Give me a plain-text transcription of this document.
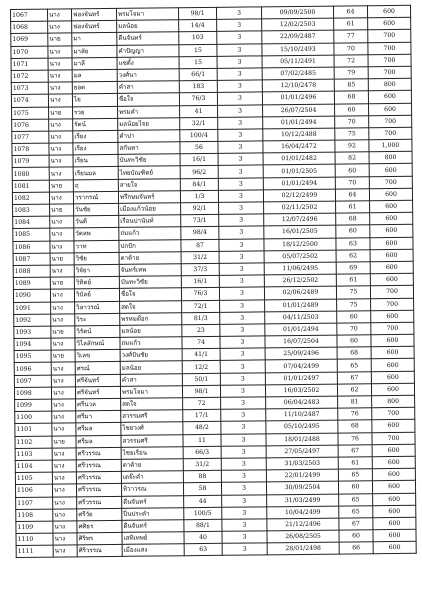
1067	นาง	ฟองจันทร์	พรมโจมา	98/1	3	09/09/2500	64	600
1068	นาง	ฟองจันทร์	มลน้อย	14/4	3	12/02/2503	61	600
1069	นาย	มา	ดีนจันทร์	103	3	22/09/2487	77	700
1070	นาง	มาลัย	คำปัญญา	15	3	15/10/2493	70	700
1071	นาง	มาลี	แซ่ตั้ง	15	3	05/11/2491	72	700
1072	นาง	มล	วงศ์นา	66/1	3	07/02/2485	79	700
1073	นาง	ยอด	คำสา	183	3	12/10/2478	85	800
1074	นาง	ไย	ชื่อใจ	76/3	3	01/01/2496	68	600
1075	นาย	รวย	พรมคำ	41	3	26/07/2504	60	600
1076	นาง	รัตน์	มลน้อยไจย	32/1	3	01/01/2494	70	700
1077	นาง	เรียง	คำปา	100/4	3	10/12/2488	75	700
1078	นาง	เรียง	สกันทา	56	3	16/04/2472	92	1,000
1079	นาง	เรียน	บันทะวิชัย	16/1	3	01/01/2482	82	800
1080	นาง	เรียนมล	ไทยบัณฑิตย์	96/2	3	01/01/2505	60	600
1081	นาย	ฤ	สายใจ	84/1	3	01/01/2494	70	700
1082	นาง	วรากรณ์	พรึกษมจันทร์	1/3	3	02/12/2499	64	600
1083	นาย	วันชัย	เมืองแก้วน้อย	92/1	3	02/11/2502	61	600
1084	นาง	วันดี	เรือนปานันท์	73/1	3	12/07/2496	68	600
1085	นาง	วัดลพ	ถ่มแก้ว	98/4	3	16/01/2505	60	600
1086	นาง	วาท	ปกปัก	87	3	18/12/2500	63	600
1087	นาย	วิชัย	ตาต้าย	31/2	3	05/07/2502	62	600
1088	นาง	วิจัยา	จันทร์เทพ	37/3	3	11/06/2495	69	600
1089	นาย	วิทิตย์	บันทะวิชัย	16/1	3	26/12/2502	61	600
1090	นาง	วิบัลย์	ชื่อใจ	76/3	3	02/06/2489	75	700
1091	นาง	วิลาวรณ์	สดใจ	72/1	3	01/01/2489	75	700
1092	นาง	วิระ	พรหมต๊อก	81/3	3	04/11/2503	60	600
1093	นาย	วิรัตน์	มลน้อย	23	3	01/01/2494	70	700
1094	นาง	วิไลลักษณ์	ถ่มแก้ว	74	3	16/07/2504	60	600
1095	นาย	วิเลข	วงศ์ปันชัย	41/1	3	25/09/2496	68	600
1096	นาง	ศรณ์	มลน้อย	12/2	3	07/04/2499	65	600
1097	นาง	ศรีจันทร์	คำสา	50/1	3	01/01/2497	67	600
1098	นาง	ศรีจันทร์	พรมโจมา	98/1	3	16/03/2502	62	600
1099	นาง	ศรีนวล	สดใจ	72	3	06/04/2483	81	800
1100	นาง	ศรีมา	สวรรมศรี	17/1	3	11/10/2487	76	700
1101	นาง	ศรีมล	ไชยวงศ์	48/2	3	05/10/2495	68	600
1102	นาย	ศรีมล	สวรรมศรี	11	3	18/01/2488	76	700
1103	นาง	ศรีวรรณ	ไชยเรือน	66/3	3	27/05/2497	67	600
1104	นาง	ศรีวรรณ	ตาต้าย	31/2	3	31/03/2503	61	600
1105	นาง	ศรีวรรณ	เตจ๊ะคำ	88	3	22/01/2499	65	600
1106	นาง	ศรีวรรณ	ทิวาวรณ	58	3	30/09/2504	60	600
1107	นาง	ศรีวรรณ	ดีนจันทร์	44	3	31/03/2499	65	600
1108	นาง	ศรีวัย	ปิ่นประคำ	100/5	3	10/04/2499	65	600
1109	นาง	ศศิธร	ดีนจันทร์	88/1	3	21/12/2496	67	600
1110	นาง	ศิริพร	เสทิเทพย์	40	3	26/08/2505	60	600
1111	นาง	ศิริวรรณ	เมืองแสง	63	3	28/01/2498	66	600
